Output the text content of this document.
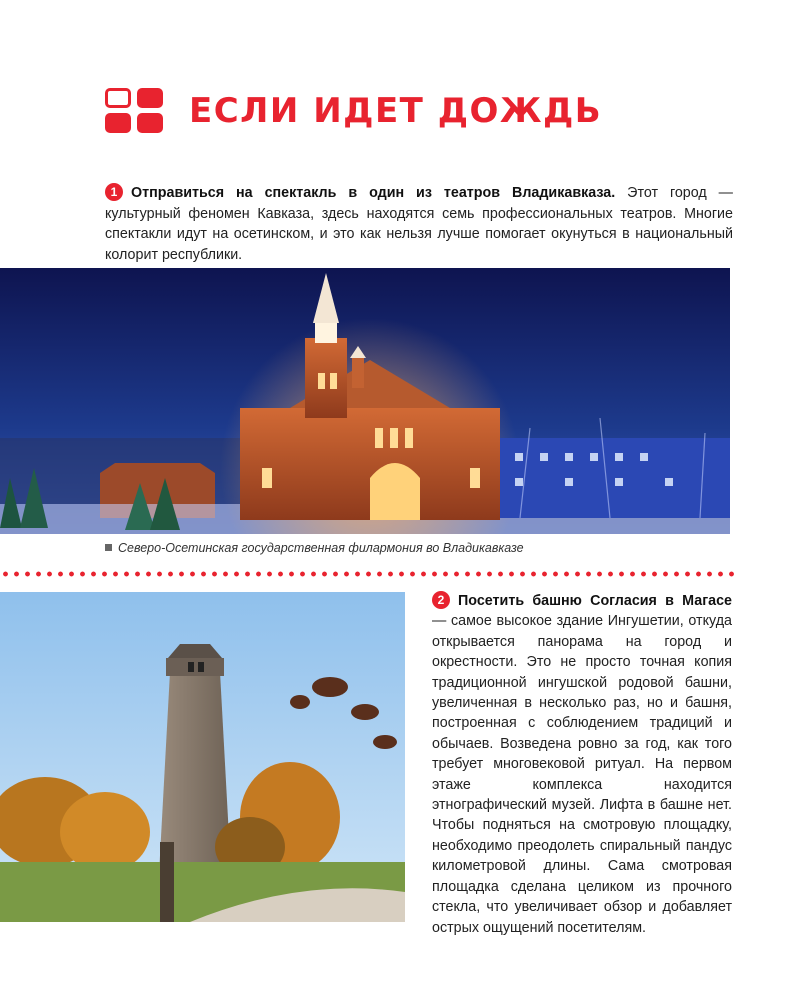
ЕСЛИ ИДЕТ ДОЖДЬ

1 Отправиться на спектакль в один из театров Владикавказа. Этот город — культурный феномен Кавказа, здесь находятся семь профессиональных театров. Многие спектакли идут на осетинском, и это как нельзя лучше помогает окунуться в национальный колорит республики.

Северо-Осетинская государственная филармония во Владикавказе

2 Посетить башню Согласия в Магасе — самое высокое здание Ингушетии, откуда открывается панорама на город и окрестности. Это не просто точная копия традиционной ингушской родовой башни, увеличенная в несколько раз, но и башня, построенная с соблюдением традиций и обычаев. Возведена ровно за год, как того требует многовековой ритуал. На первом этаже комплекса находится этнографический музей. Лифта в башне нет. Чтобы подняться на смотровую площадку, необходимо преодолеть спиральный пандус километровой длины. Сама смотровая площадка сделана целиком из прочного стекла, что увеличивает обзор и добавляет острых ощущений посетителям.
